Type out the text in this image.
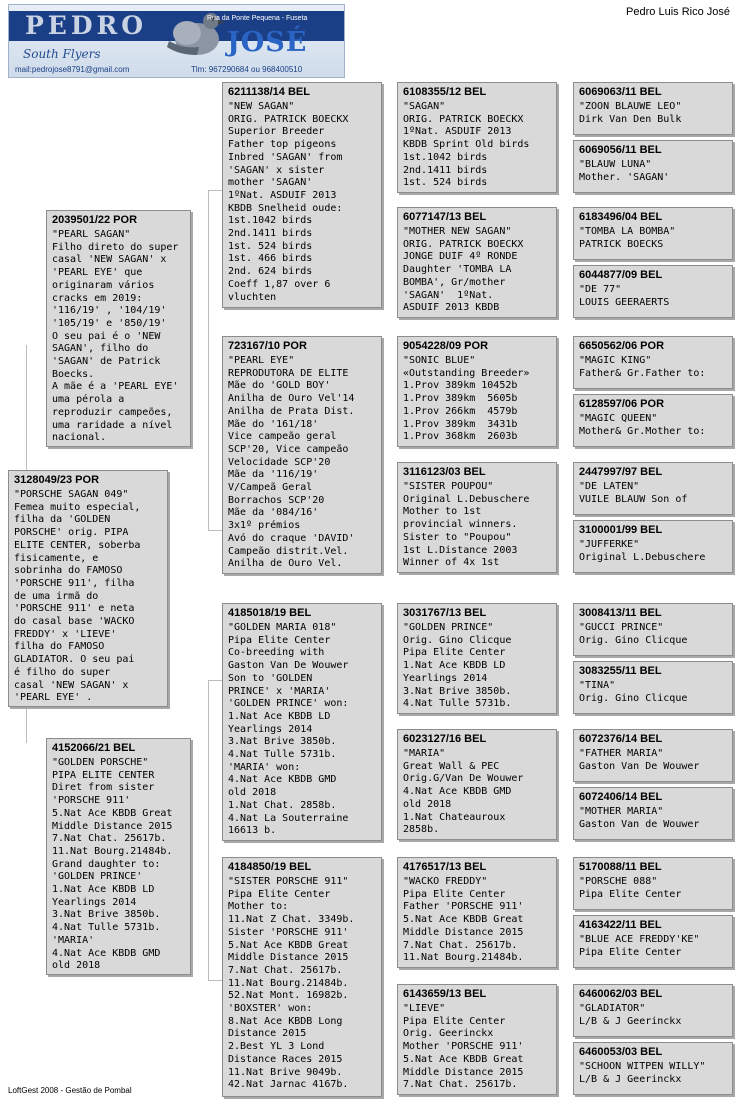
PEDRO	Rua da Ponte Pequena - Fuseta
JOSÉ
South Flyers
mail:pedrojose8791@gmail.com	Tlm: 967290684 ou 968400510
Pedro Luis Rico José
3128049/23 POR
"PORSCHE SAGAN 049"
Femea muito especial,
filha da 'GOLDEN
PORSCHE' orig. PIPA
ELITE CENTER, soberba
fisicamente, e
sobrinha do FAMOSO
'PORSCHE 911', filha
de uma irmã do
'PORSCHE 911' e neta
do casal base 'WACKO
FREDDY' x 'LIEVE'
filha do FAMOSO
GLADIATOR. O seu pai
é filho do super
casal 'NEW SAGAN' x
'PEARL EYE' .
2039501/22 POR
"PEARL SAGAN"
Filho direto do super
casal 'NEW SAGAN' x
'PEARL EYE' que
originaram vários
cracks em 2019:
'116/19' , '104/19'
'105/19' e '850/19'
O seu pai é o 'NEW
SAGAN', filho do
'SAGAN' de Patrick
Boecks.
A mãe é a 'PEARL EYE'
uma pérola a
reproduzir campeões,
uma raridade a nível
nacional.
4152066/21 BEL
"GOLDEN PORSCHE"
PIPA ELITE CENTER
Diret from sister
'PORSCHE 911'
5.Nat Ace KBDB Great
Middle Distance 2015
7.Nat Chat. 25617b.
11.Nat Bourg.21484b.
Grand daughter to:
'GOLDEN PRINCE'
1.Nat Ace KBDB LD
Yearlings 2014
3.Nat Brive 3850b.
4.Nat Tulle 5731b.
'MARIA'
4.Nat Ace KBDB GMD
old 2018
6211138/14 BEL
"NEW SAGAN"
ORIG. PATRICK BOECKX
Superior Breeder
Father top pigeons
Inbred 'SAGAN' from
'SAGAN' x sister
mother 'SAGAN'
1ºNat. ASDUIF 2013
KBDB Snelheid oude:
1st.1042 birds
2nd.1411 birds
1st. 524 birds
1st. 466 birds
2nd. 624 birds
Coeff 1,87 over 6
vluchten
723167/10 POR
"PEARL EYE"
REPRODUTORA DE ELITE
Mãe do 'GOLD BOY'
Anilha de Ouro Vel'14
Anilha de Prata Dist.
Mãe do '161/18'
Vice campeão geral
SCP'20, Vice campeão
Velocidade SCP'20
Mãe da '116/19'
V/Campeã Geral
Borrachos SCP'20
Mãe da '084/16'
3x1º prémios
Avó do craque 'DAVID'
Campeão distrit.Vel.
Anilha de Ouro Vel.
4185018/19 BEL
"GOLDEN MARIA 018"
Pipa Elite Center
Co-breeding with
Gaston Van De Wouwer
Son to 'GOLDEN
PRINCE' x 'MARIA'
'GOLDEN PRINCE' won:
1.Nat Ace KBDB LD
Yearlings 2014
3.Nat Brive 3850b.
4.Nat Tulle 5731b.
'MARIA' won:
4.Nat Ace KBDB GMD
old 2018
1.Nat Chat. 2858b.
4.Nat La Souterraine
16613 b.
4184850/19 BEL
"SISTER PORSCHE 911"
Pipa Elite Center
Mother to:
11.Nat Z Chat. 3349b.
Sister 'PORSCHE 911'
5.Nat Ace KBDB Great
Middle Distance 2015
7.Nat Chat. 25617b.
11.Nat Bourg.21484b.
52.Nat Mont. 16982b.
'BOXSTER' won:
8.Nat Ace KBDB Long
Distance 2015
2.Best YL 3 Lond
Distance Races 2015
11.Nat Brive 9049b.
42.Nat Jarnac 4167b.
6108355/12 BEL
"SAGAN"
ORIG. PATRICK BOECKX
1ºNat. ASDUIF 2013
KBDB Sprint Old birds
1st.1042 birds
2nd.1411 birds
1st. 524 birds
6077147/13 BEL
"MOTHER NEW SAGAN"
ORIG. PATRICK BOECKX
JONGE DUIF 4º RONDE
Daughter 'TOMBA LA
BOMBA', Gr/mother
'SAGAN'  1ºNat.
ASDUIF 2013 KBDB
9054228/09 POR
"SONIC BLUE"
«Outstanding Breeder»
1.Prov 389km 10452b
1.Prov 389km  5605b
1.Prov 266km  4579b
1.Prov 389km  3431b
1.Prov 368km  2603b
3116123/03 BEL
"SISTER POUPOU"
Original L.Debuschere
Mother to 1st
provincial winners.
Sister to "Poupou"
1st L.Distance 2003
Winner of 4x 1st
3031767/13 BEL
"GOLDEN PRINCE"
Orig. Gino Clicque
Pipa Elite Center
1.Nat Ace KBDB LD
Yearlings 2014
3.Nat Brive 3850b.
4.Nat Tulle 5731b.
6023127/16 BEL
"MARIA"
Great Wall & PEC
Orig.G/Van De Wouwer
4.Nat Ace KBDB GMD
old 2018
1.Nat Chateauroux
2858b.
4176517/13 BEL
"WACKO FREDDY"
Pipa Elite Center
Father 'PORSCHE 911'
5.Nat Ace KBDB Great
Middle Distance 2015
7.Nat Chat. 25617b.
11.Nat Bourg.21484b.
6143659/13 BEL
"LIEVE"
Pipa Elite Center
Orig. Geerinckx
Mother 'PORSCHE 911'
5.Nat Ace KBDB Great
Middle Distance 2015
7.Nat Chat. 25617b.
6069063/11 BEL
"ZOON BLAUWE LEO"
Dirk Van Den Bulk
6069056/11 BEL
"BLAUW LUNA"
Mother. 'SAGAN'
6183496/04 BEL
"TOMBA LA BOMBA"
PATRICK BOECKS
6044877/09 BEL
"DE 77"
LOUIS GEERAERTS
6650562/06 POR
"MAGIC KING"
Father& Gr.Father to:
6128597/06 POR
"MAGIC QUEEN"
Mother& Gr.Mother to:
2447997/97 BEL
"DE LATEN"
VUILE BLAUW Son of
3100001/99 BEL
"JUFFERKE"
Original L.Debuschere
3008413/11 BEL
"GUCCI PRINCE"
Orig. Gino Clicque
3083255/11 BEL
"TINA"
Orig. Gino Clicque
6072376/14 BEL
"FATHER MARIA"
Gaston Van De Wouwer
6072406/14 BEL
"MOTHER MARIA"
Gaston Van de Wouwer
5170088/11 BEL
"PORSCHE 088"
Pipa Elite Center
4163422/11 BEL
"BLUE ACE FREDDY'KE"
Pipa Elite Center
6460062/03 BEL
"GLADIATOR"
L/B & J Geerinckx
6460053/03 BEL
"SCHOON WITPEN WILLY"
L/B & J Geerinckx
LoftGest 2008 - Gestão de Pombal
